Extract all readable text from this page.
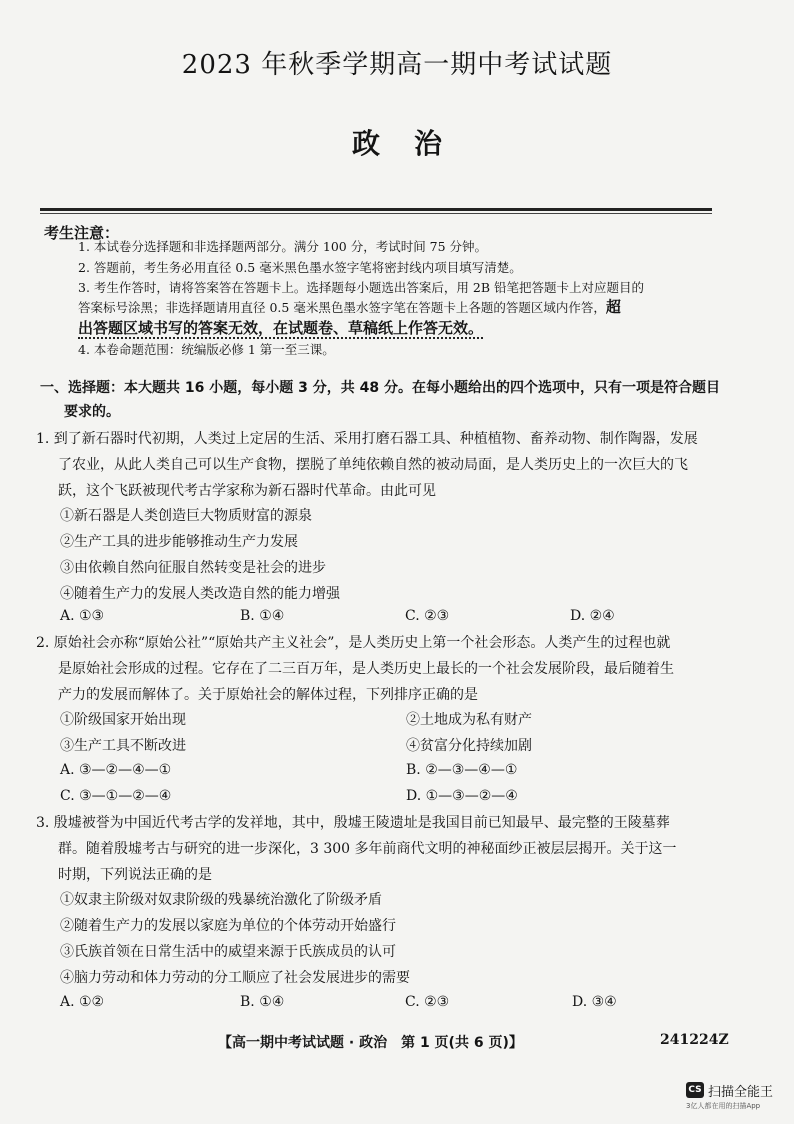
2023 年秋季学期高一期中考试试题
政治
考生注意：
1. 本试卷分选择题和非选择题两部分。满分 100 分，考试时间 75 分钟。
2. 答题前，考生务必用直径 0.5 毫米黑色墨水签字笔将密封线内项目填写清楚。
3. 考生作答时，请将答案答在答题卡上。选择题每小题选出答案后，用 2B 铅笔把答题卡上对应题目的
答案标号涂黑；非选择题请用直径 0.5 毫米黑色墨水签字笔在答题卡上各题的答题区域内作答，超
出答题区域书写的答案无效，在试题卷、草稿纸上作答无效。
4. 本卷命题范围：统编版必修 1 第一至三课。
一、选择题：本大题共 16 小题，每小题 3 分，共 48 分。在每小题给出的四个选项中，只有一项是符合题目
要求的。
1. 到了新石器时代初期，人类过上定居的生活、采用打磨石器工具、种植植物、畜养动物、制作陶器，发展
了农业，从此人类自己可以生产食物，摆脱了单纯依赖自然的被动局面，是人类历史上的一次巨大的飞
跃，这个飞跃被现代考古学家称为新石器时代革命。由此可见
①新石器是人类创造巨大物质财富的源泉
②生产工具的进步能够推动生产力发展
③由依赖自然向征服自然转变是社会的进步
④随着生产力的发展人类改造自然的能力增强
A. ①③	B. ①④	C. ②③	D. ②④
2. 原始社会亦称“原始公社”“原始共产主义社会”，是人类历史上第一个社会形态。人类产生的过程也就
是原始社会形成的过程。它存在了二三百万年，是人类历史上最长的一个社会发展阶段，最后随着生
产力的发展而解体了。关于原始社会的解体过程，下列排序正确的是
①阶级国家开始出现	②土地成为私有财产
③生产工具不断改进	④贫富分化持续加剧
A. ③—②—④—①	B. ②—③—④—①
C. ③—①—②—④	D. ①—③—②—④
3. 殷墟被誉为中国近代考古学的发祥地，其中，殷墟王陵遗址是我国目前已知最早、最完整的王陵墓葬
群。随着殷墟考古与研究的进一步深化，3 300 多年前商代文明的神秘面纱正被层层揭开。关于这一
时期，下列说法正确的是
①奴隶主阶级对奴隶阶级的残暴统治激化了阶级矛盾
②随着生产力的发展以家庭为单位的个体劳动开始盛行
③氏族首领在日常生活中的威望来源于氏族成员的认可
④脑力劳动和体力劳动的分工顺应了社会发展进步的需要
A. ①②	B. ①④	C. ②③	D. ③④
【高一期中考试试题 · 政治　第 1 页(共 6 页)】	241224Z
CS 扫描全能王
3亿人都在用的扫描App
